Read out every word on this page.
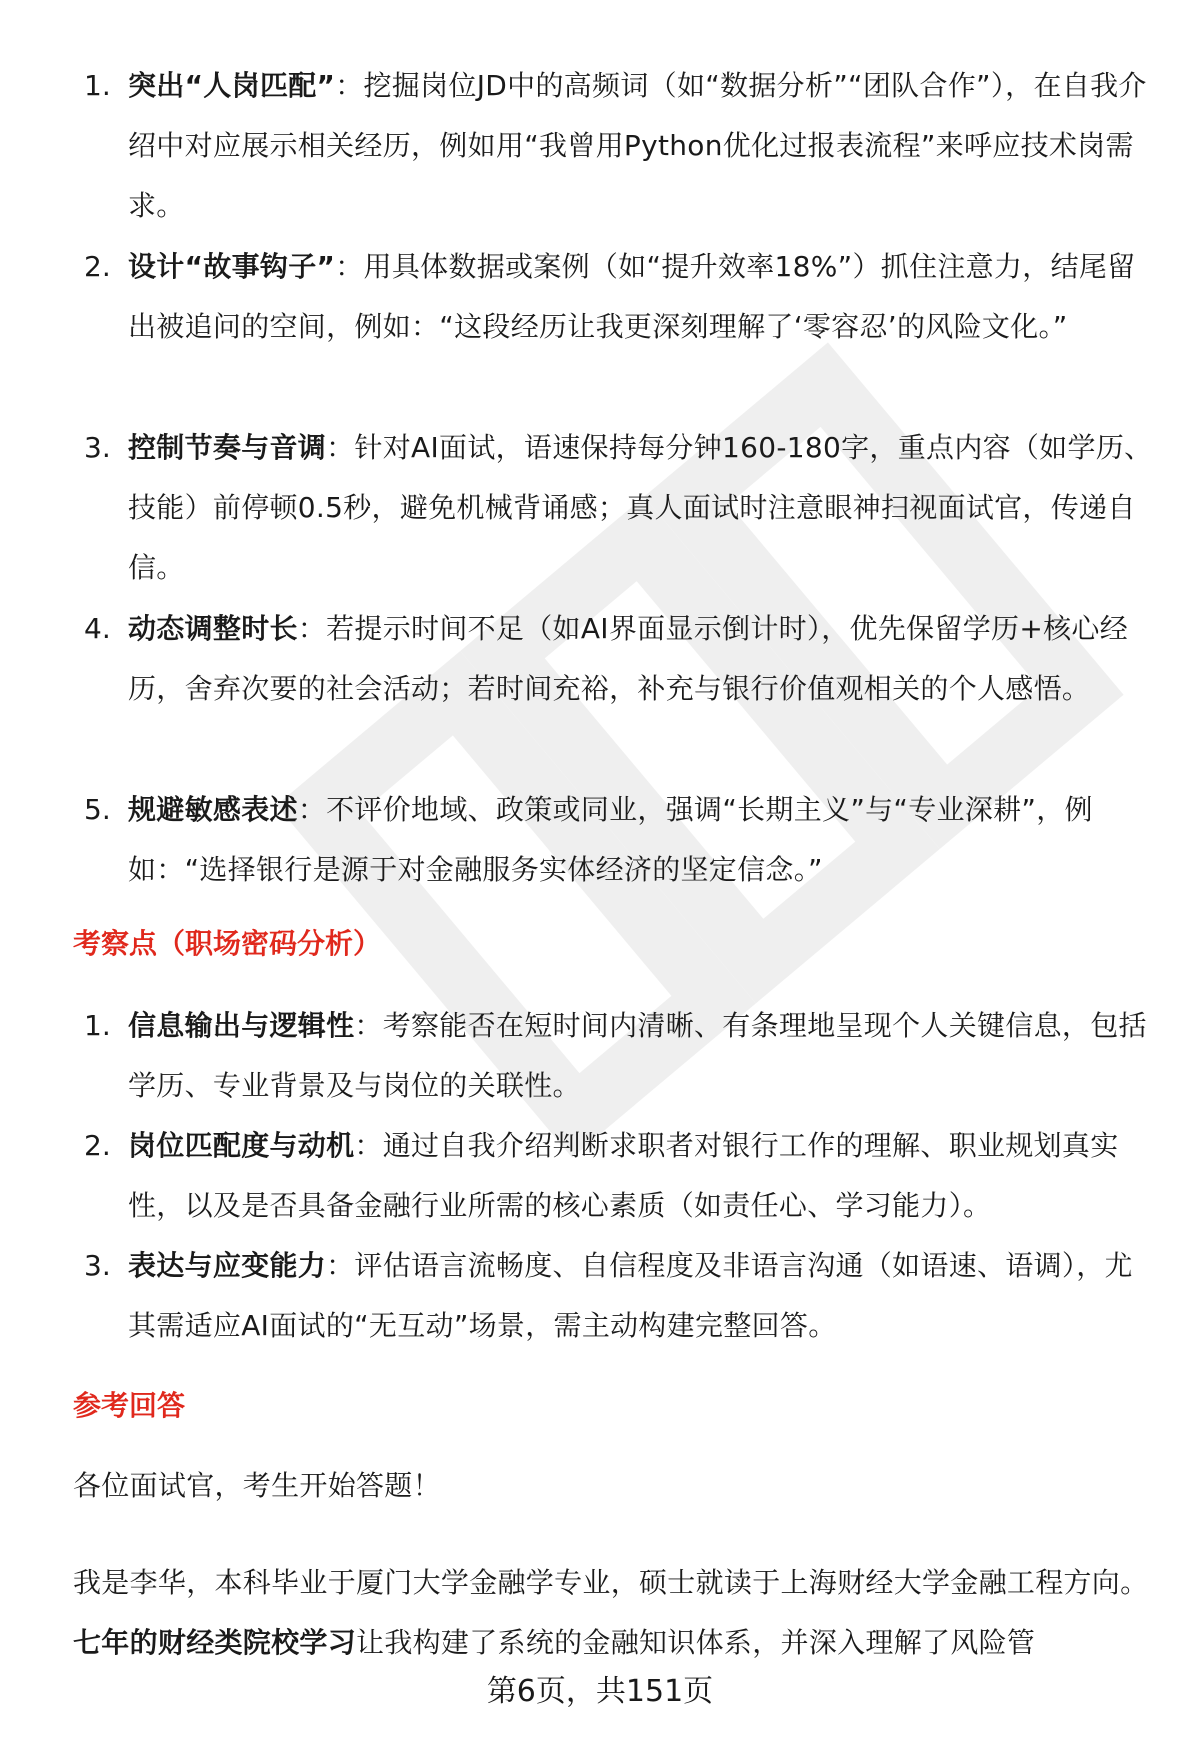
1. 突出“人岗匹配”：挖掘岗位JD中的高频词（如“数据分析”“团队合作”），在自我介绍中对应展示相关经历，例如用“我曾用Python优化过报表流程”来呼应技术岗需求。
2. 设计“故事钩子”：用具体数据或案例（如“提升效率18%”）抓住注意力，结尾留出被追问的空间，例如：“这段经历让我更深刻理解了‘零容忍’的风险文化。”
3. 控制节奏与音调：针对AI面试，语速保持每分钟160-180字，重点内容（如学历、技能）前停顿0.5秒，避免机械背诵感；真人面试时注意眼神扫视面试官，传递自信。
4. 动态调整时长：若提示时间不足（如AI界面显示倒计时），优先保留学历+核心经历，舍弃次要的社会活动；若时间充裕，补充与银行价值观相关的个人感悟。
5. 规避敏感表述：不评价地域、政策或同业，强调“长期主义”与“专业深耕”，例如：“选择银行是源于对金融服务实体经济的坚定信念。”
考察点（职场密码分析）
1. 信息输出与逻辑性：考察能否在短时间内清晰、有条理地呈现个人关键信息，包括学历、专业背景及与岗位的关联性。
2. 岗位匹配度与动机：通过自我介绍判断求职者对银行工作的理解、职业规划真实性，以及是否具备金融行业所需的核心素质（如责任心、学习能力）。
3. 表达与应变能力：评估语言流畅度、自信程度及非语言沟通（如语速、语调），尤其需适应AI面试的“无互动”场景，需主动构建完整回答。
参考回答

各位面试官，考生开始答题！

我是李华，本科毕业于厦门大学金融学专业，硕士就读于上海财经大学金融工程方向。七年的财经类院校学习让我构建了系统的金融知识体系，并深入理解了风险管

第6页，共151页
